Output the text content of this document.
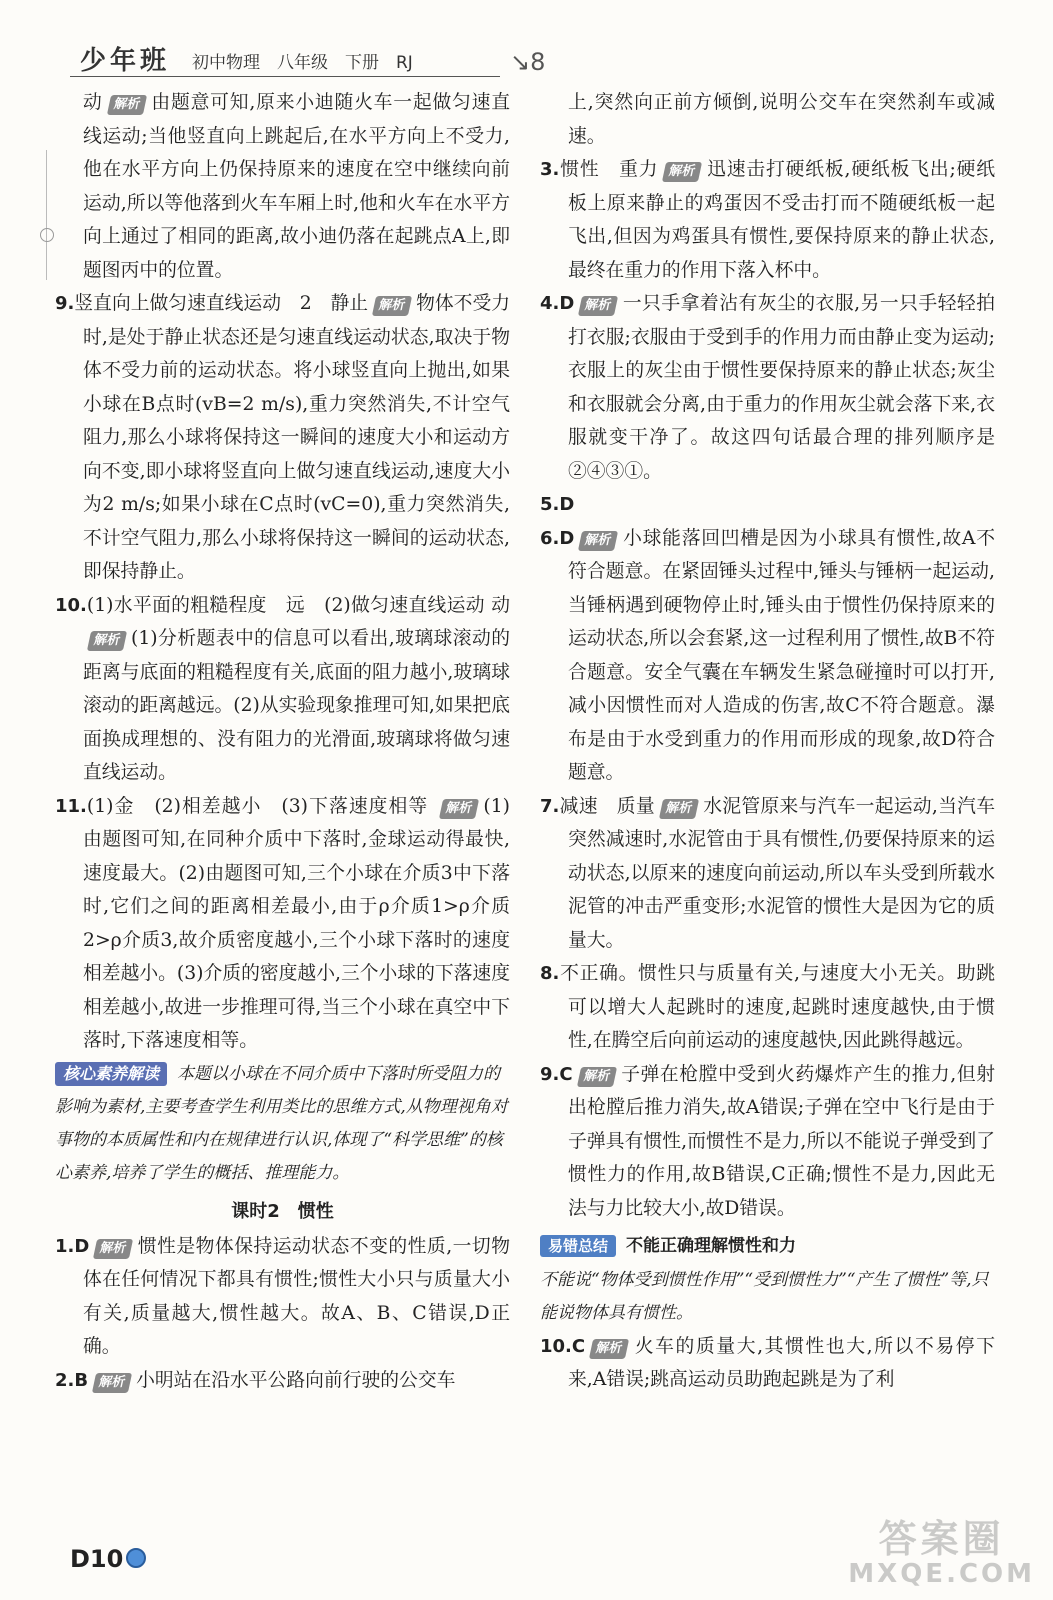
少年班 初中物理　八年级　下册　RJ	↘8

动 解析 由题意可知,原来小迪随火车一起做匀速直线运动;当他竖直向上跳起后,在水平方向上不受力,他在水平方向上仍保持原来的速度在空中继续向前运动,所以等他落到火车车厢上时,他和火车在水平方向上通过了相同的距离,故小迪仍落在起跳点A上,即题图丙中的位置。

9.竖直向上做匀速直线运动　2　静止 解析 物体不受力时,是处于静止状态还是匀速直线运动状态,取决于物体不受力前的运动状态。将小球竖直向上抛出,如果小球在B点时(vB=2 m/s),重力突然消失,不计空气阻力,那么小球将保持这一瞬间的速度大小和运动方向不变,即小球将竖直向上做匀速直线运动,速度大小为2 m/s;如果小球在C点时(vC=0),重力突然消失,不计空气阻力,那么小球将保持这一瞬间的运动状态,即保持静止。

10.(1)水平面的粗糙程度　远　(2)做匀速直线运动 动解析 (1)分析题表中的信息可以看出,玻璃球滚动的距离与底面的粗糙程度有关,底面的阻力越小,玻璃球滚动的距离越远。(2)从实验现象推理可知,如果把底面换成理想的、没有阻力的光滑面,玻璃球将做匀速直线运动。

11.(1)金　(2)相差越小　(3)下落速度相等 解析 (1)由题图可知,在同种介质中下落时,金球运动得最快,速度最大。(2)由题图可知,三个小球在介质3中下落时,它们之间的距离相差最小,由于ρ介质1>ρ介质2>ρ介质3,故介质密度越小,三个小球下落时的速度相差越小。(3)介质的密度越小,三个小球的下落速度相差越小,故进一步推理可得,当三个小球在真空中下落时,下落速度相等。

核心素养解读 本题以小球在不同介质中下落时所受阻力的影响为素材,主要考查学生利用类比的思维方式,从物理视角对事物的本质属性和内在规律进行认识,体现了“科学思维”的核心素养,培养了学生的概括、推理能力。

课时2　惯性

1.D 解析 惯性是物体保持运动状态不变的性质,一切物体在任何情况下都具有惯性;惯性大小只与质量大小有关,质量越大,惯性越大。故A、B、C错误,D正确。

2.B 解析 小明站在沿水平公路向前行驶的公交车

上,突然向正前方倾倒,说明公交车在突然刹车或减速。

3.惯性　重力 解析 迅速击打硬纸板,硬纸板飞出;硬纸板上原来静止的鸡蛋因不受击打而不随硬纸板一起飞出,但因为鸡蛋具有惯性,要保持原来的静止状态,最终在重力的作用下落入杯中。

4.D 解析 一只手拿着沾有灰尘的衣服,另一只手轻轻拍打衣服;衣服由于受到手的作用力而由静止变为运动;衣服上的灰尘由于惯性要保持原来的静止状态;灰尘和衣服就会分离,由于重力的作用灰尘就会落下来,衣服就变干净了。故这四句话最合理的排列顺序是②④③①。

5.D

6.D 解析 小球能落回凹槽是因为小球具有惯性,故A不符合题意。在紧固锤头过程中,锤头与锤柄一起运动,当锤柄遇到硬物停止时,锤头由于惯性仍保持原来的运动状态,所以会套紧,这一过程利用了惯性,故B不符合题意。安全气囊在车辆发生紧急碰撞时可以打开,减小因惯性而对人造成的伤害,故C不符合题意。瀑布是由于水受到重力的作用而形成的现象,故D符合题意。

7.减速　质量 解析 水泥管原来与汽车一起运动,当汽车突然减速时,水泥管由于具有惯性,仍要保持原来的运动状态,以原来的速度向前运动,所以车头受到所载水泥管的冲击严重变形;水泥管的惯性大是因为它的质量大。

8.不正确。惯性只与质量有关,与速度大小无关。助跳可以增大人起跳时的速度,起跳时速度越快,由于惯性,在腾空后向前运动的速度越快,因此跳得越远。

9.C 解析 子弹在枪膛中受到火药爆炸产生的推力,但射出枪膛后推力消失,故A错误;子弹在空中飞行是由于子弹具有惯性,而惯性不是力,所以不能说子弹受到了惯性力的作用,故B错误,C正确;惯性不是力,因此无法与力比较大小,故D错误。

易错总结 不能正确理解惯性和力

不能说“物体受到惯性作用”“受到惯性力”“产生了惯性”等,只能说物体具有惯性。

10.C 解析 火车的质量大,其惯性也大,所以不易停下来,A错误;跳高运动员助跑起跳是为了利

D10	答案圈
MXQE.COM
